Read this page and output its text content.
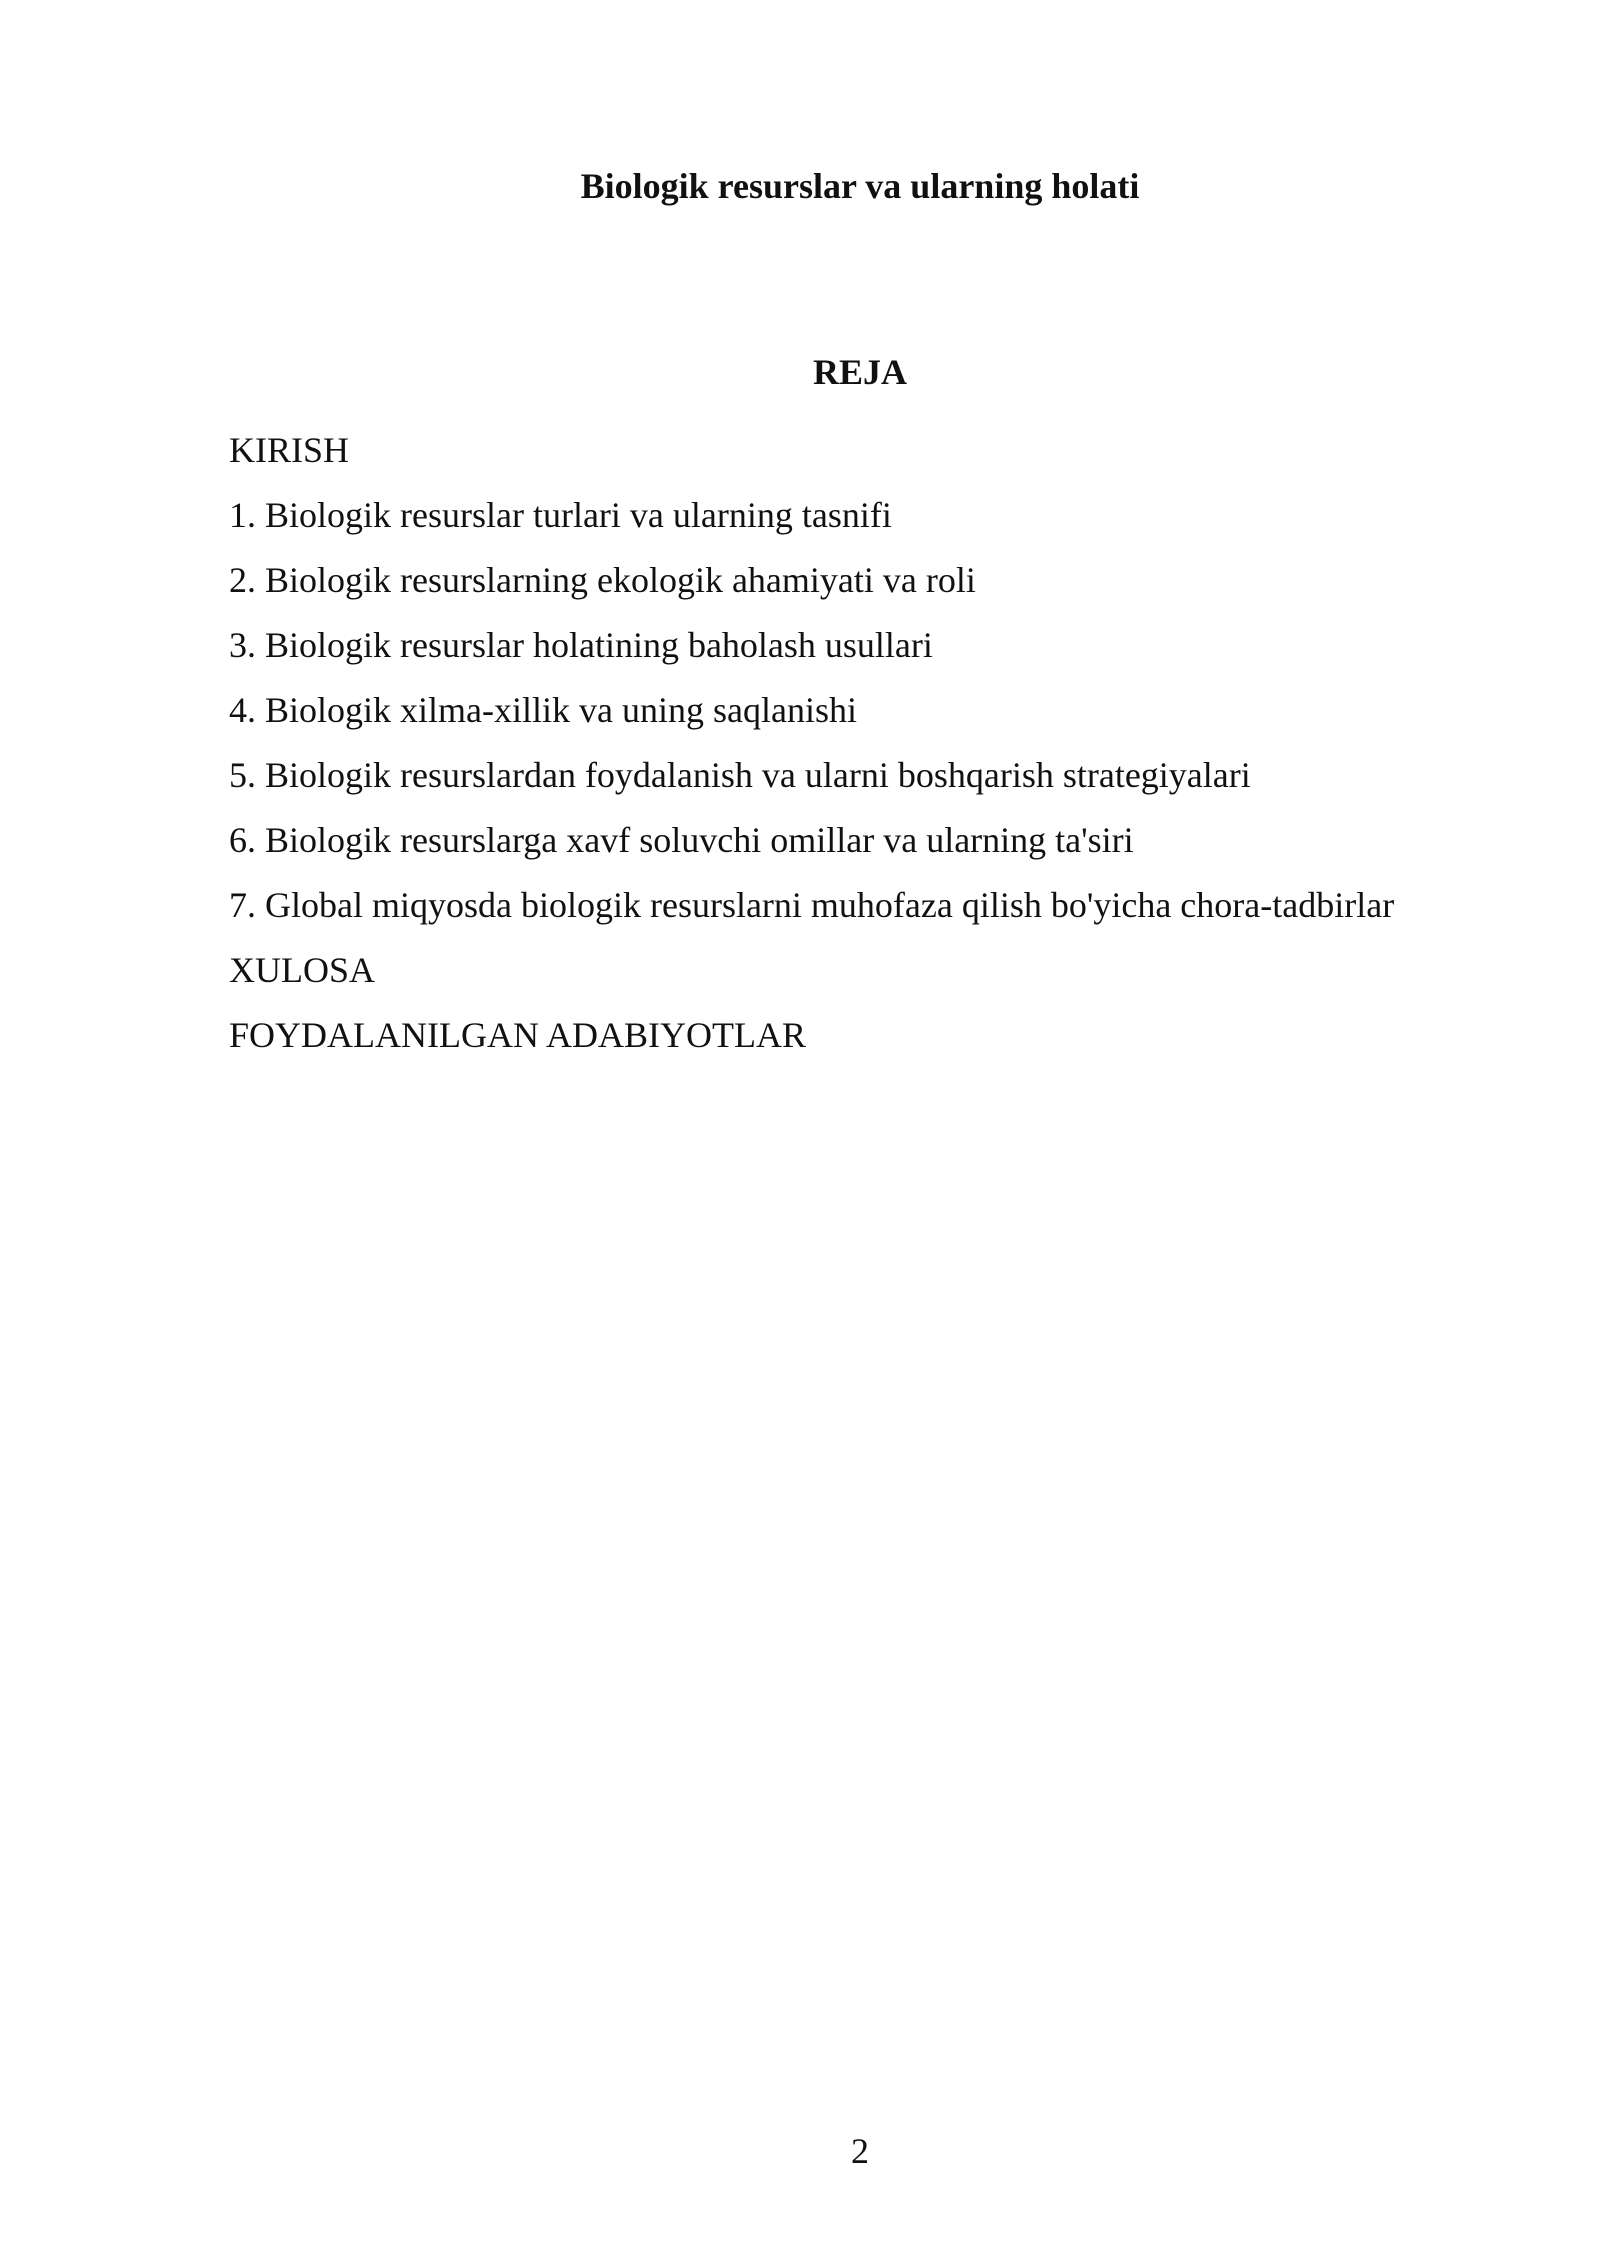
Biologik resurslar va ularning holati
REJA
KIRISH
1. Biologik resurslar turlari va ularning tasnifi
2. Biologik resurslarning ekologik ahamiyati va roli
3. Biologik resurslar holatining baholash usullari
4. Biologik xilma-xillik va uning saqlanishi
5. Biologik resurslardan foydalanish va ularni boshqarish strategiyalari
6. Biologik resurslarga xavf soluvchi omillar va ularning ta'siri
7. Global miqyosda biologik resurslarni muhofaza qilish bo'yicha chora-tadbirlar
XULOSA
FOYDALANILGAN ADABIYOTLAR
2
